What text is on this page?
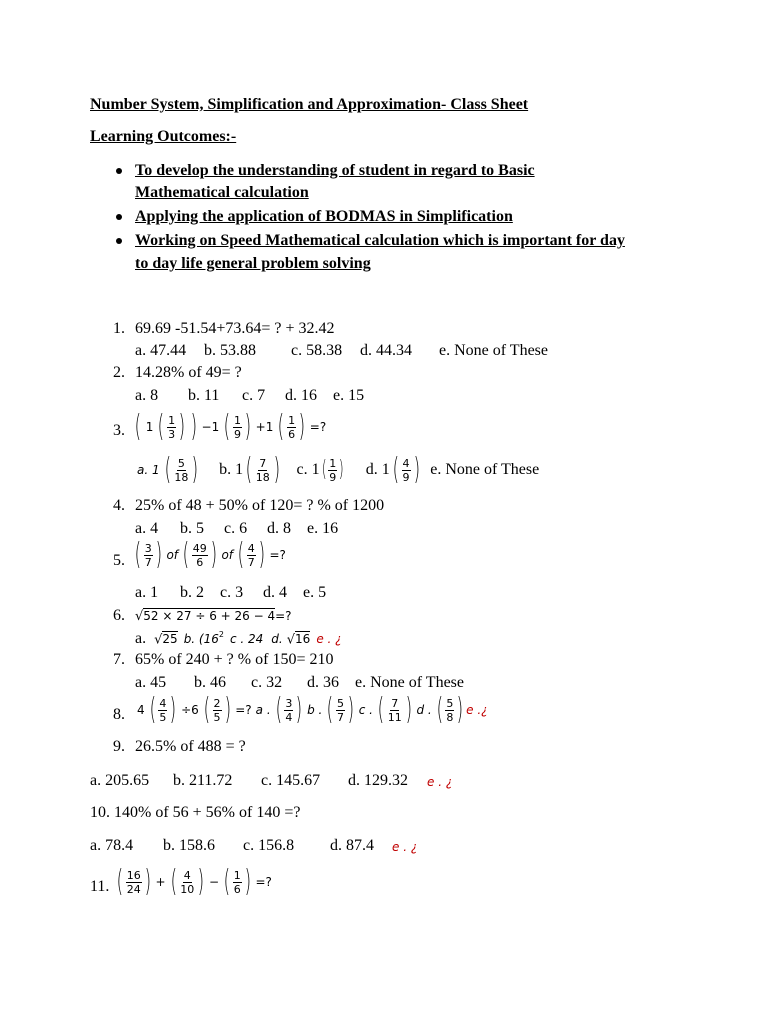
Number System, Simplification and Approximation- Class Sheet
Learning Outcomes:-
To develop the understanding of student in regard to Basic
Mathematical calculation
Applying the application of BODMAS in Simplification
Working on Speed Mathematical calculation which is important for day
to day life general problem solving
1. 69.69 -51.54+73.64= ? + 32.42
a. 47.44 b. 53.88 c. 58.38 d. 44.34 e. None of These
2. 14.28% of 49= ?
a. 8 b. 11 c. 7 d. 16 e. 15
3. ( 1 ( $\frac{1}{3}$ ) ) −1 ( $\frac{1}{9}$ ) +1 ( $\frac{1}{6}$ ) =?
a. 1 ( $\frac{5}{18}$ ) b. 1 ( $\frac{7}{18}$ ) c. 1 ( $\frac{1}{9}$ ) d. 1 ( $\frac{4}{9}$ ) e. None of These
4. 25% of 48 + 50% of 120= ? % of 1200
a. 4 b. 5 c. 6 d. 8 e. 16
5. ( $\frac{3}{7}$ ) of ( $\frac{49}{6}$ ) of ( $\frac{4}{7}$ ) =?
a. 1 b. 2 c. 3 d. 4 e. 5
6. √52 × 27 ÷ 6 + 26 − 4=?
a. √25 b. ($16^2$ c . 24 d. √16 e . ¿
7. 65% of 240 + ? % of 150= 210
a. 45 b. 46 c. 32 d. 36 e. None of These
8. 4 ( $\frac{4}{5}$ ) ÷6 ( $\frac{2}{5}$ ) =? a . ( $\frac{3}{4}$ ) b . ( $\frac{5}{7}$ ) c . ( $\frac{7}{11}$ ) d . ( $\frac{5}{8}$ ) e .¿
9. 26.5% of 488 = ?
a. 205.65 b. 211.72 c. 145.67 d. 129.32 e . ¿
10. 140% of 56 + 56% of 140 =?
a. 78.4 b. 158.6 c. 156.8 d. 87.4 e . ¿
11. ( $\frac{16}{24}$ ) + ( $\frac{4}{10}$ ) − ( $\frac{1}{6}$ ) =?
